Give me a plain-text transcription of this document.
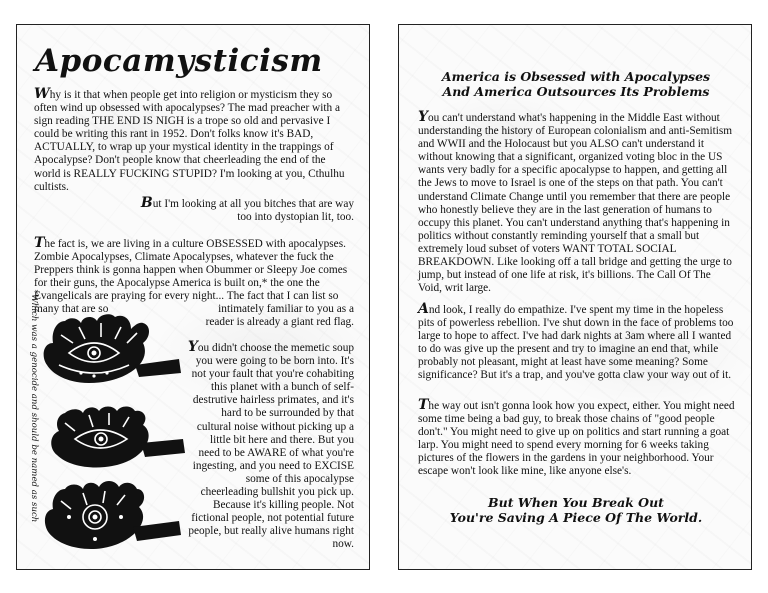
Apocamysticism

Why is it that when people get into religion or mysticism they so often wind up obsessed with apocalypses? The mad preacher with a sign reading THE END IS NIGH is a trope so old and pervasive I could be writing this rant in 1952. Don't folks know it's BAD, ACTUALLY, to wrap up your mystical identity in the trappings of Apocalypse? Don't people know that cheerleading the end of the world is REALLY FUCKING STUPID? I'm looking at you, Cthulhu cultists.

But I'm looking at all you bitches that are way too into dystopian lit, too.

The fact is, we are living in a culture OBSESSED with apocalypses. Zombie Apocalypses, Climate Apocalypses, whatever the fuck the Preppers think is gonna happen when Obummer or Sleepy Joe comes for their guns, the Apocalypse America is built on,* the one the Evangelicals are praying for every night... The fact that I can list so many that are so	intimately familiar to you as a reader is already a giant red flag.

You didn't choose the memetic soup you were going to be born into. It's not your fault that you're cohabiting this planet with a bunch of self-destrutive hairless primates, and it's hard to be surrounded by that cultural noise without picking up a little bit here and there. But you need to be AWARE of what you're ingesting, and you need to EXCISE some of this apocalypse cheerleading bullshit you pick up. Because it's killing people. Not fictional people, not potential future people, but really alive humans right now.

*Which was a genocide and should be named as such
America is Obsessed with Apocalypses
And America Outsources Its Problems

You can't understand what's happening in the Middle East without understanding the history of European colonialism and anti-Semitism and WWII and the Holocaust but you ALSO can't understand it without knowing that a significant, organized voting bloc in the US wants very badly for a specific apocalypse to happen, and getting all the Jews to move to Israel is one of the steps on that path. You can't understand Climate Change until you remember that there are people who honestly believe they are in the last generation of humans to occupy this planet. You can't understand anything that's happening in politics without constantly reminding yourself that a small but extremely loud subset of voters WANT TOTAL SOCIAL BREAKDOWN. Like looking off a tall bridge and getting the urge to jump, but instead of one life at risk, it's billions. The Call Of The Void, writ large.

And look, I really do empathize. I've spent my time in the hopeless pits of powerless rebellion. I've shut down in the face of problems too large to hope to affect. I've had dark nights at 3am where all I wanted to do was give up the present and try to imagine an end that, while probably not pleasant, might at least have some meaning? Some significance? But it's a trap, and you've gotta claw your way out of it.

The way out isn't gonna look how you expect, either. You might need some time being a bad guy, to break those chains of "good people don't." You might need to give up on politics and start running a goat larp. You might need to spend every morning for 6 weeks taking pictures of the flowers in the gardens in your neighborhood. Your escape won't look like mine, like anyone else's.

But When You Break Out
You're Saving A Piece Of The World.
